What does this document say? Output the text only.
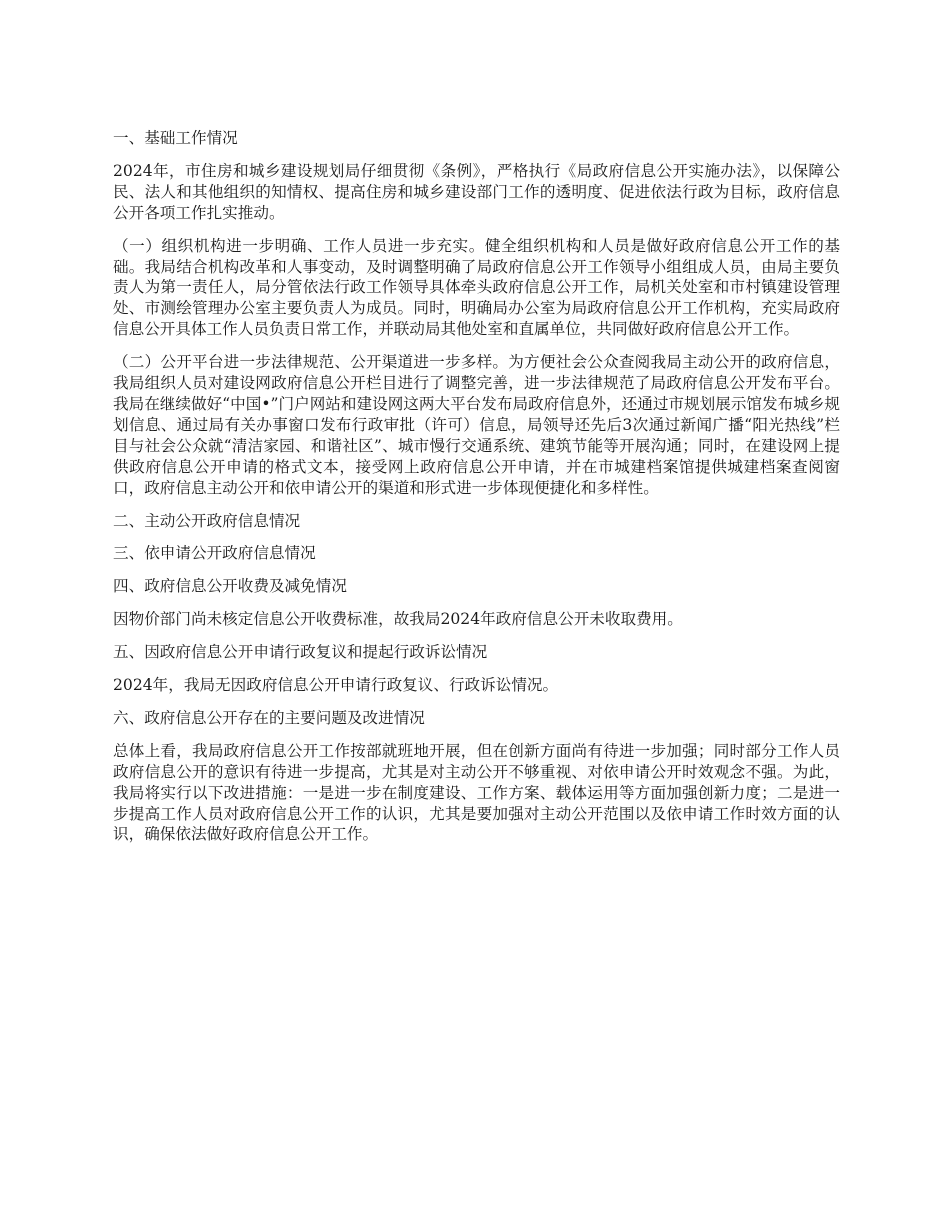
一、基础工作情况

2024年，市住房和城乡建设规划局仔细贯彻《条例》，严格执行《局政府信息公开实施办法》，以保障公民、法人和其他组织的知情权、提高住房和城乡建设部门工作的透明度、促进依法行政为目标，政府信息公开各项工作扎实推动。

（一）组织机构进一步明确、工作人员进一步充实。健全组织机构和人员是做好政府信息公开工作的基础。我局结合机构改革和人事变动，及时调整明确了局政府信息公开工作领导小组组成人员，由局主要负责人为第一责任人，局分管依法行政工作领导具体牵头政府信息公开工作，局机关处室和市村镇建设管理处、市测绘管理办公室主要负责人为成员。同时，明确局办公室为局政府信息公开工作机构，充实局政府信息公开具体工作人员负责日常工作，并联动局其他处室和直属单位，共同做好政府信息公开工作。

（二）公开平台进一步法律规范、公开渠道进一步多样。为方便社会公众查阅我局主动公开的政府信息，我局组织人员对建设网政府信息公开栏目进行了调整完善，进一步法律规范了局政府信息公开发布平台。我局在继续做好“中国•”门户网站和建设网这两大平台发布局政府信息外，还通过市规划展示馆发布城乡规划信息、通过局有关办事窗口发布行政审批（许可）信息，局领导还先后3次通过新闻广播“阳光热线”栏目与社会公众就“清洁家园、和谐社区”、城市慢行交通系统、建筑节能等开展沟通；同时，在建设网上提供政府信息公开申请的格式文本，接受网上政府信息公开申请，并在市城建档案馆提供城建档案查阅窗口，政府信息主动公开和依申请公开的渠道和形式进一步体现便捷化和多样性。

二、主动公开政府信息情况

三、依申请公开政府信息情况

四、政府信息公开收费及减免情况

因物价部门尚未核定信息公开收费标准，故我局2024年政府信息公开未收取费用。

五、因政府信息公开申请行政复议和提起行政诉讼情况

2024年，我局无因政府信息公开申请行政复议、行政诉讼情况。

六、政府信息公开存在的主要问题及改进情况

总体上看，我局政府信息公开工作按部就班地开展，但在创新方面尚有待进一步加强；同时部分工作人员政府信息公开的意识有待进一步提高，尤其是对主动公开不够重视、对依申请公开时效观念不强。为此，我局将实行以下改进措施：一是进一步在制度建设、工作方案、载体运用等方面加强创新力度；二是进一步提高工作人员对政府信息公开工作的认识，尤其是要加强对主动公开范围以及依申请工作时效方面的认识，确保依法做好政府信息公开工作。
